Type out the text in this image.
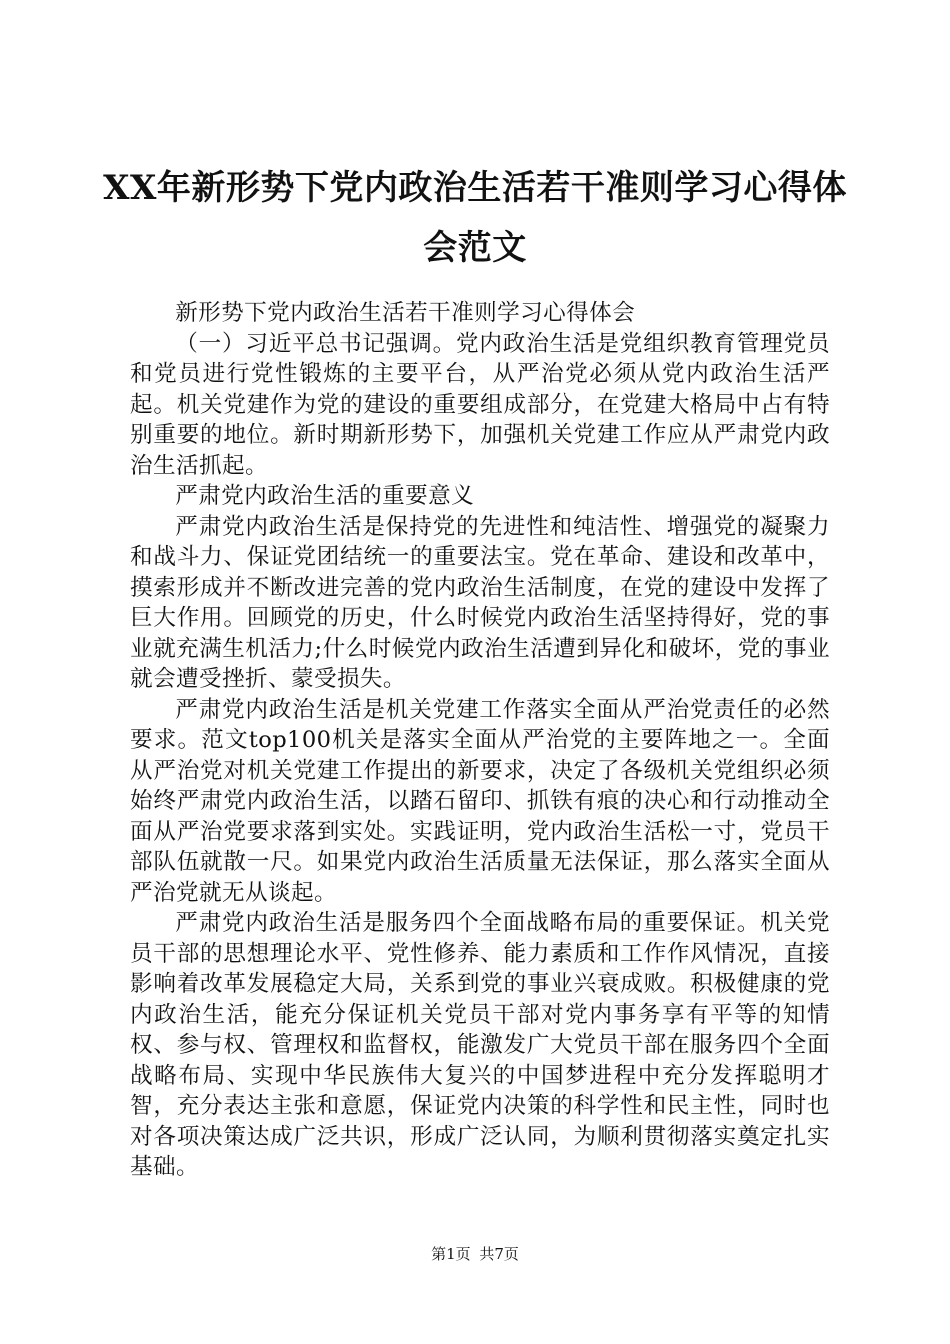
XX年新形势下党内政治生活若干准则学习心得体会范文

新形势下党内政治生活若干准则学习心得体会

（一）习近平总书记强调。党内政治生活是党组织教育管理党员和党员进行党性锻炼的主要平台，从严治党必须从党内政治生活严起。机关党建作为党的建设的重要组成部分，在党建大格局中占有特别重要的地位。新时期新形势下，加强机关党建工作应从严肃党内政治生活抓起。

严肃党内政治生活的重要意义

严肃党内政治生活是保持党的先进性和纯洁性、增强党的凝聚力和战斗力、保证党团结统一的重要法宝。党在革命、建设和改革中，摸索形成并不断改进完善的党内政治生活制度，在党的建设中发挥了巨大作用。回顾党的历史，什么时候党内政治生活坚持得好，党的事业就充满生机活力;什么时候党内政治生活遭到异化和破坏，党的事业就会遭受挫折、蒙受损失。

严肃党内政治生活是机关党建工作落实全面从严治党责任的必然要求。范文top100机关是落实全面从严治党的主要阵地之一。全面从严治党对机关党建工作提出的新要求，决定了各级机关党组织必须始终严肃党内政治生活，以踏石留印、抓铁有痕的决心和行动推动全面从严治党要求落到实处。实践证明，党内政治生活松一寸，党员干部队伍就散一尺。如果党内政治生活质量无法保证，那么落实全面从严治党就无从谈起。

严肃党内政治生活是服务四个全面战略布局的重要保证。机关党员干部的思想理论水平、党性修养、能力素质和工作作风情况，直接影响着改革发展稳定大局，关系到党的事业兴衰成败。积极健康的党内政治生活，能充分保证机关党员干部对党内事务享有平等的知情权、参与权、管理权和监督权，能激发广大党员干部在服务四个全面战略布局、实现中华民族伟大复兴的中国梦进程中充分发挥聪明才智，充分表达主张和意愿，保证党内决策的科学性和民主性，同时也对各项决策达成广泛共识，形成广泛认同，为顺利贯彻落实奠定扎实基础。

第1页 共7页
